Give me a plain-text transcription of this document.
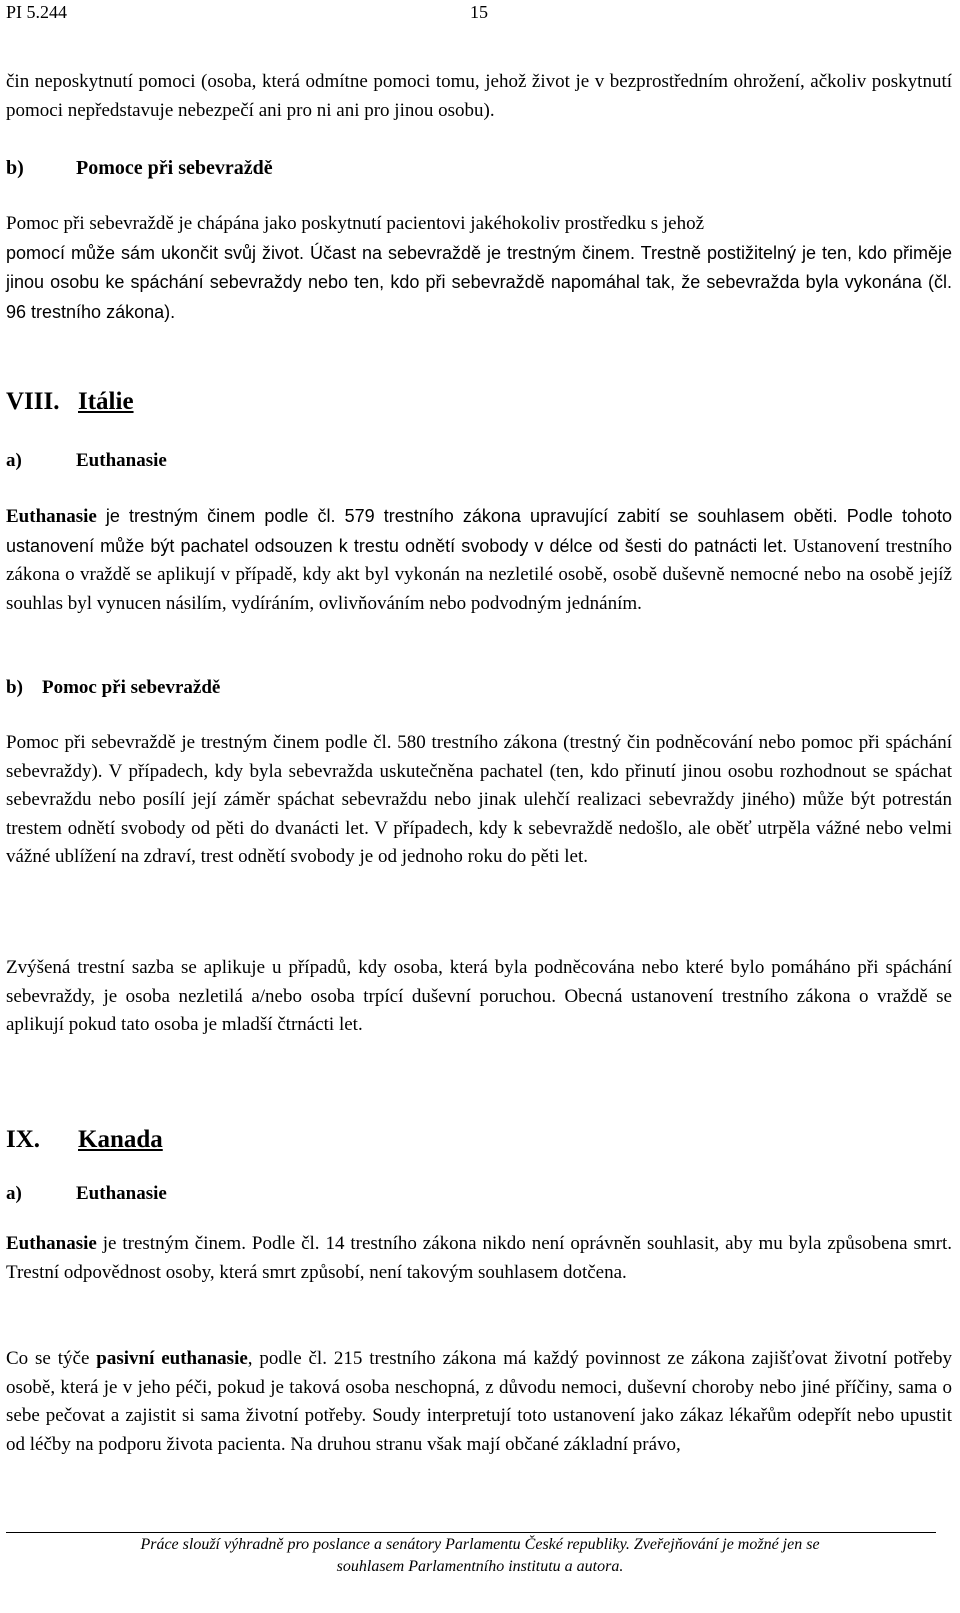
PI 5.244	15

čin neposkytnutí pomoci (osoba, která odmítne pomoci tomu, jehož život je v bezprostředním ohrožení, ačkoliv poskytnutí pomoci nepředstavuje nebezpečí ani pro ni ani pro jinou osobu).

b)	Pomoce při sebevraždě

Pomoc při sebevraždě je chápána jako poskytnutí pacientovi jakéhokoliv prostředku s jehož
pomocí může sám ukončit svůj život. Účast na sebevraždě je trestným činem. Trestně postižitelný je ten, kdo přiměje jinou osobu ke spáchání sebevraždy nebo ten, kdo při sebevraždě napomáhal tak, že sebevražda byla vykonána (čl. 96 trestního zákona).

VIII. Itálie
a)	Euthanasie

Euthanasie je trestným činem podle čl. 579 trestního zákona upravující zabití se souhlasem oběti. Podle tohoto ustanovení může být pachatel odsouzen k trestu odnětí svobody v délce od šesti do patnácti let. Ustanovení trestního zákona o vraždě se aplikují v případě, kdy akt byl vykonán na nezletilé osobě, osobě duševně nemocné nebo na osobě jejíž souhlas byl vynucen násilím, vydíráním, ovlivňováním nebo podvodným jednáním.

b) Pomoc při sebevraždě

Pomoc při sebevraždě je trestným činem podle čl. 580 trestního zákona (trestný čin podněcování nebo pomoc při spáchání sebevraždy). V případech, kdy byla sebevražda uskutečněna pachatel (ten, kdo přinutí jinou osobu rozhodnout se spáchat sebevraždu nebo posílí její záměr spáchat sebevraždu nebo jinak ulehčí realizaci sebevraždy jiného) může být potrestán trestem odnětí svobody od pěti do dvanácti let. V případech, kdy k sebevraždě nedošlo, ale oběť utrpěla vážné nebo velmi vážné ublížení na zdraví, trest odnětí svobody je od jednoho roku do pěti let.

Zvýšená trestní sazba se aplikuje u případů, kdy osoba, která byla podněcována nebo které bylo pomáháno při spáchání sebevraždy, je osoba nezletilá a/nebo osoba trpící duševní poruchou. Obecná ustanovení trestního zákona o vraždě se aplikují pokud tato osoba je mladší čtrnácti let.

IX. Kanada
a)	Euthanasie

Euthanasie je trestným činem. Podle čl. 14 trestního zákona nikdo není oprávněn souhlasit, aby mu byla způsobena smrt. Trestní odpovědnost osoby, která smrt způsobí, není takovým souhlasem dotčena.

Co se týče pasivní euthanasie, podle čl. 215 trestního zákona má každý povinnost ze zákona zajišťovat životní potřeby osobě, která je v jeho péči, pokud je taková osoba neschopná, z důvodu nemoci, duševní choroby nebo jiné příčiny, sama o sebe pečovat a zajistit si sama životní potřeby. Soudy interpretují toto ustanovení jako zákaz lékařům odepřít nebo upustit od léčby na podporu života pacienta. Na druhou stranu však mají občané základní právo,

Práce slouží výhradně pro poslance a senátory Parlamentu České republiky. Zveřejňování je možné jen se
souhlasem Parlamentního institutu a autora.
